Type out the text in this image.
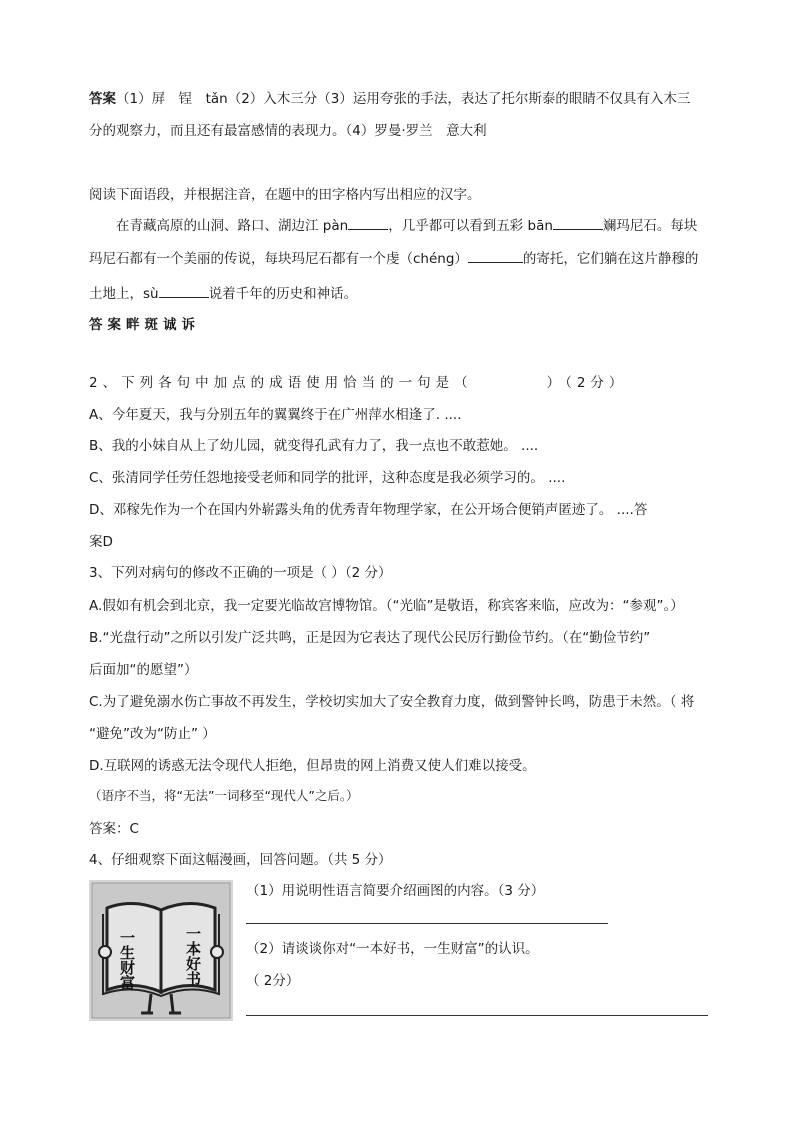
答案（1）屏　锃　tǎn（2）入木三分（3）运用夸张的手法，表达了托尔斯泰的眼睛不仅具有入木三
分的观察力，而且还有最富感情的表现力。（4）罗曼·罗兰　意大利
阅读下面语段，并根据注音，在题中的田字格内写出相应的汉字。
在青藏高原的山洞、路口、湖边江 pàn	，几乎都可以看到五彩 bān	斓玛尼石。每块
玛尼石都有一个美丽的传说，每块玛尼石都有一个虔（chéng）	的寄托，它们躺在这片静穆的
土地上，sù	说着千年的历史和神话。
答案畔斑诚诉
2、下列各句中加点的成语使用恰当的一句是（　　　　）（2分）
A、今年夏天，我与分别五年的翼翼终于在广州萍水相逢了. ....
B、我的小妹自从上了幼儿园，就变得孔武有力了，我一点也不敢惹她。 ....
C、张清同学任劳任怨地接受老师和同学的批评，这种态度是我必须学习的。 ....
D、邓稼先作为一个在国内外崭露头角的优秀青年物理学家，在公开场合便销声匿迹了。 ....答
案D
3、下列对病句的修改不正确的一项是（ ）（2 分）
A.假如有机会到北京，我一定要光临故宫博物馆。（“光临”是敬语，称宾客来临，应改为：“参观”。）
B.“光盘行动”之所以引发广泛共鸣，正是因为它表达了现代公民厉行勤俭节约。（在“勤俭节约”
后面加“的愿望”）
C.为了避免溺水伤亡事故不再发生，学校切实加大了安全教育力度，做到警钟长鸣，防患于未然。（ 将
“避免”改为“防止” ）
D.互联网的诱惑无法令现代人拒绝，但昂贵的网上消费又使人们难以接受。
（语序不当，将“无法”一词移至“现代人”之后。）
答案：C
4、仔细观察下面这幅漫画，回答问题。（共 5 分）
一生财富	一本好书
（1）用说明性语言简要介绍画图的内容。（3 分）
（2）请谈谈你对“一本好书，一生财富”的认识。
（ 2分）
